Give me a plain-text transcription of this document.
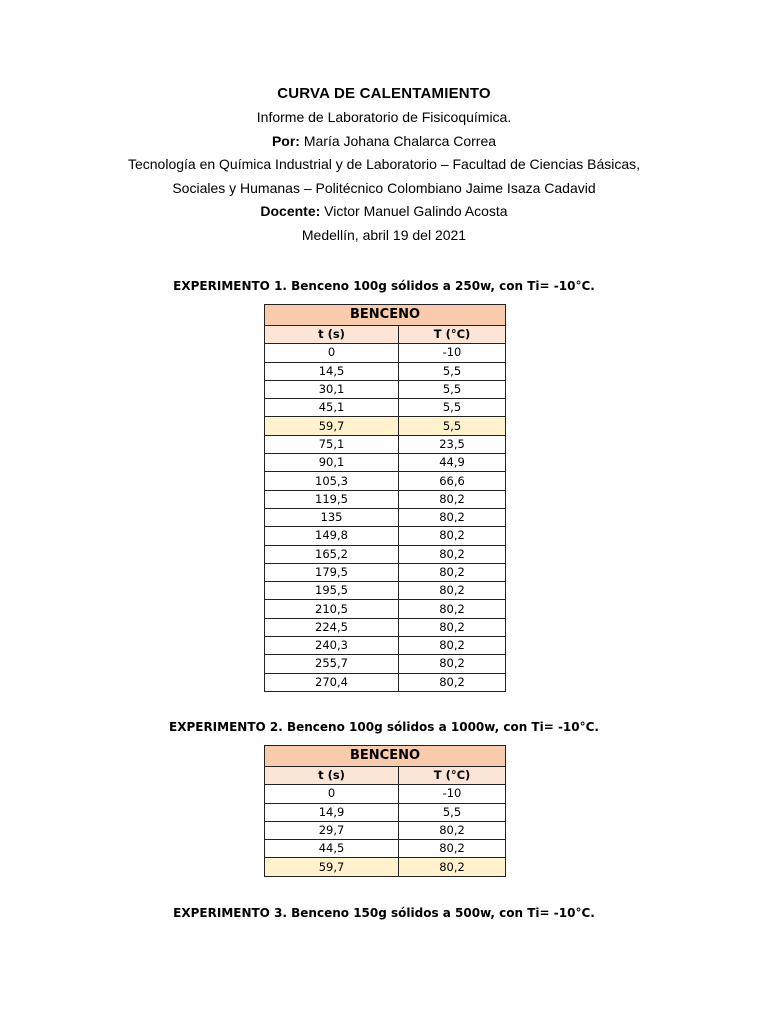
CURVA DE CALENTAMIENTO
Informe de Laboratorio de Fisicoquímica.
Por: María Johana Chalarca Correa
Tecnología en Química Industrial y de Laboratorio – Facultad de Ciencias Básicas,
Sociales y Humanas – Politécnico Colombiano Jaime Isaza Cadavid
Docente: Victor Manuel Galindo Acosta
Medellín, abril 19 del 2021
EXPERIMENTO 1. Benceno 100g sólidos a 250w, con Ti= -10°C.
BENCENO	
t (s)	T (°C)
0	-10
14,5	5,5
30,1	5,5
45,1	5,5
59,7	5,5
75,1	23,5
90,1	44,9
105,3	66,6
119,5	80,2
135	80,2
149,8	80,2
165,2	80,2
179,5	80,2
195,5	80,2
210,5	80,2
224,5	80,2
240,3	80,2
255,7	80,2
270,4	80,2
EXPERIMENTO 2. Benceno 100g sólidos a 1000w, con Ti= -10°C.
BENCENO	
t (s)	T (°C)
0	-10
14,9	5,5
29,7	80,2
44,5	80,2
59,7	80,2
EXPERIMENTO 3. Benceno 150g sólidos a 500w, con Ti= -10°C.
